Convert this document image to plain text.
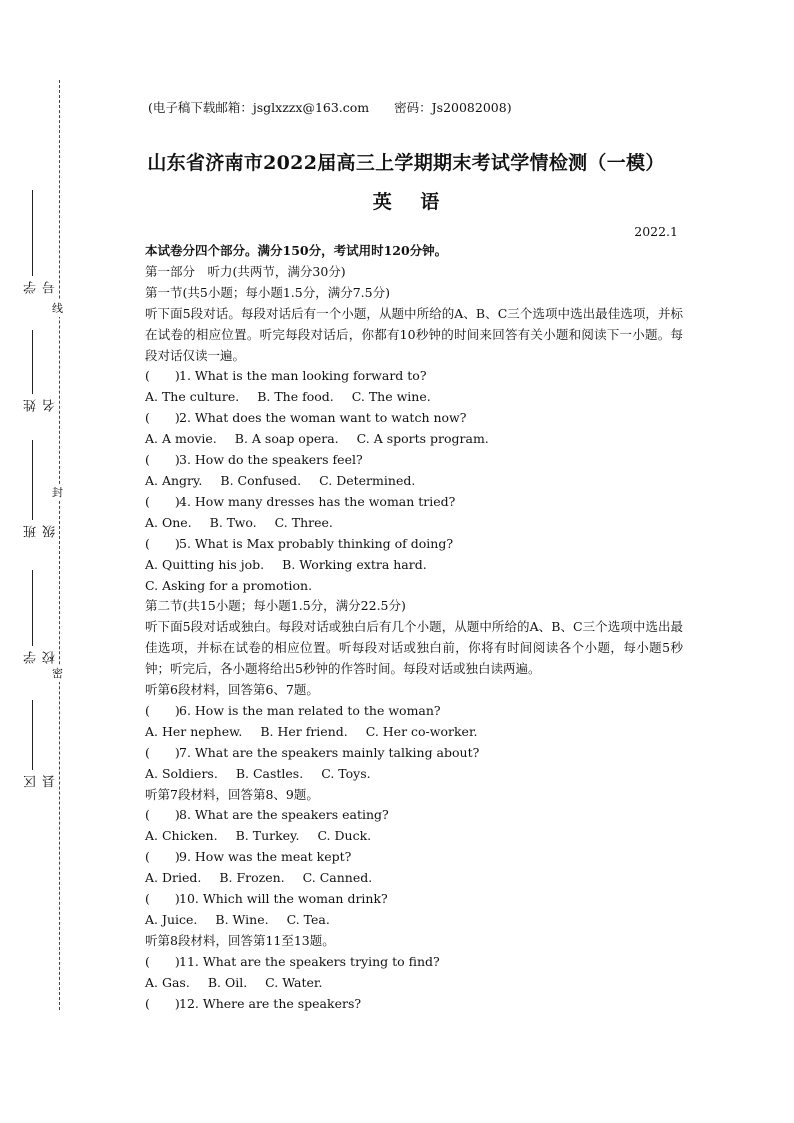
线
封
密
学号
姓名
班级
学校
区县
(电子稿下载邮箱：jsglxzzx@163.com　　密码：Js20082008)
山东省济南市2022届高三上学期期末考试学情检测（一模）
英 语
2022.1
本试卷分四个部分。满分150分，考试用时120分钟。
第一部分　听力(共两节，满分30分)
第一节(共5小题；每小题1.5分，满分7.5分)
听下面5段对话。每段对话后有一个小题，从题中所给的A、B、C三个选项中选出最佳选项，并标在试卷的相应位置。听完每段对话后，你都有10秒钟的时间来回答有关小题和阅读下一小题。每段对话仅读一遍。
(　　)1. What is the man looking forward to?
A. The culture. B. The food. C. The wine.
(　　)2. What does the woman want to watch now?
A. A movie. B. A soap opera. C. A sports program.
(　　)3. How do the speakers feel?
A. Angry. B. Confused. C. Determined.
(　　)4. How many dresses has the woman tried?
A. One. B. Two. C. Three.
(　　)5. What is Max probably thinking of doing?
A. Quitting his job. B. Working extra hard.
C. Asking for a promotion.
第二节(共15小题；每小题1.5分，满分22.5分)
听下面5段对话或独白。每段对话或独白后有几个小题，从题中所给的A、B、C三个选项中选出最佳选项，并标在试卷的相应位置。听每段对话或独白前，你将有时间阅读各个小题，每小题5秒钟；听完后，各小题将给出5秒钟的作答时间。每段对话或独白读两遍。
听第6段材料，回答第6、7题。
(　　)6. How is the man related to the woman?
A. Her nephew. B. Her friend. C. Her co-worker.
(　　)7. What are the speakers mainly talking about?
A. Soldiers. B. Castles. C. Toys.
听第7段材料，回答第8、9题。
(　　)8. What are the speakers eating?
A. Chicken. B. Turkey. C. Duck.
(　　)9. How was the meat kept?
A. Dried. B. Frozen. C. Canned.
(　　)10. Which will the woman drink?
A. Juice. B. Wine. C. Tea.
听第8段材料，回答第11至13题。
(　　)11. What are the speakers trying to find?
A. Gas. B. Oil. C. Water.
(　　)12. Where are the speakers?
